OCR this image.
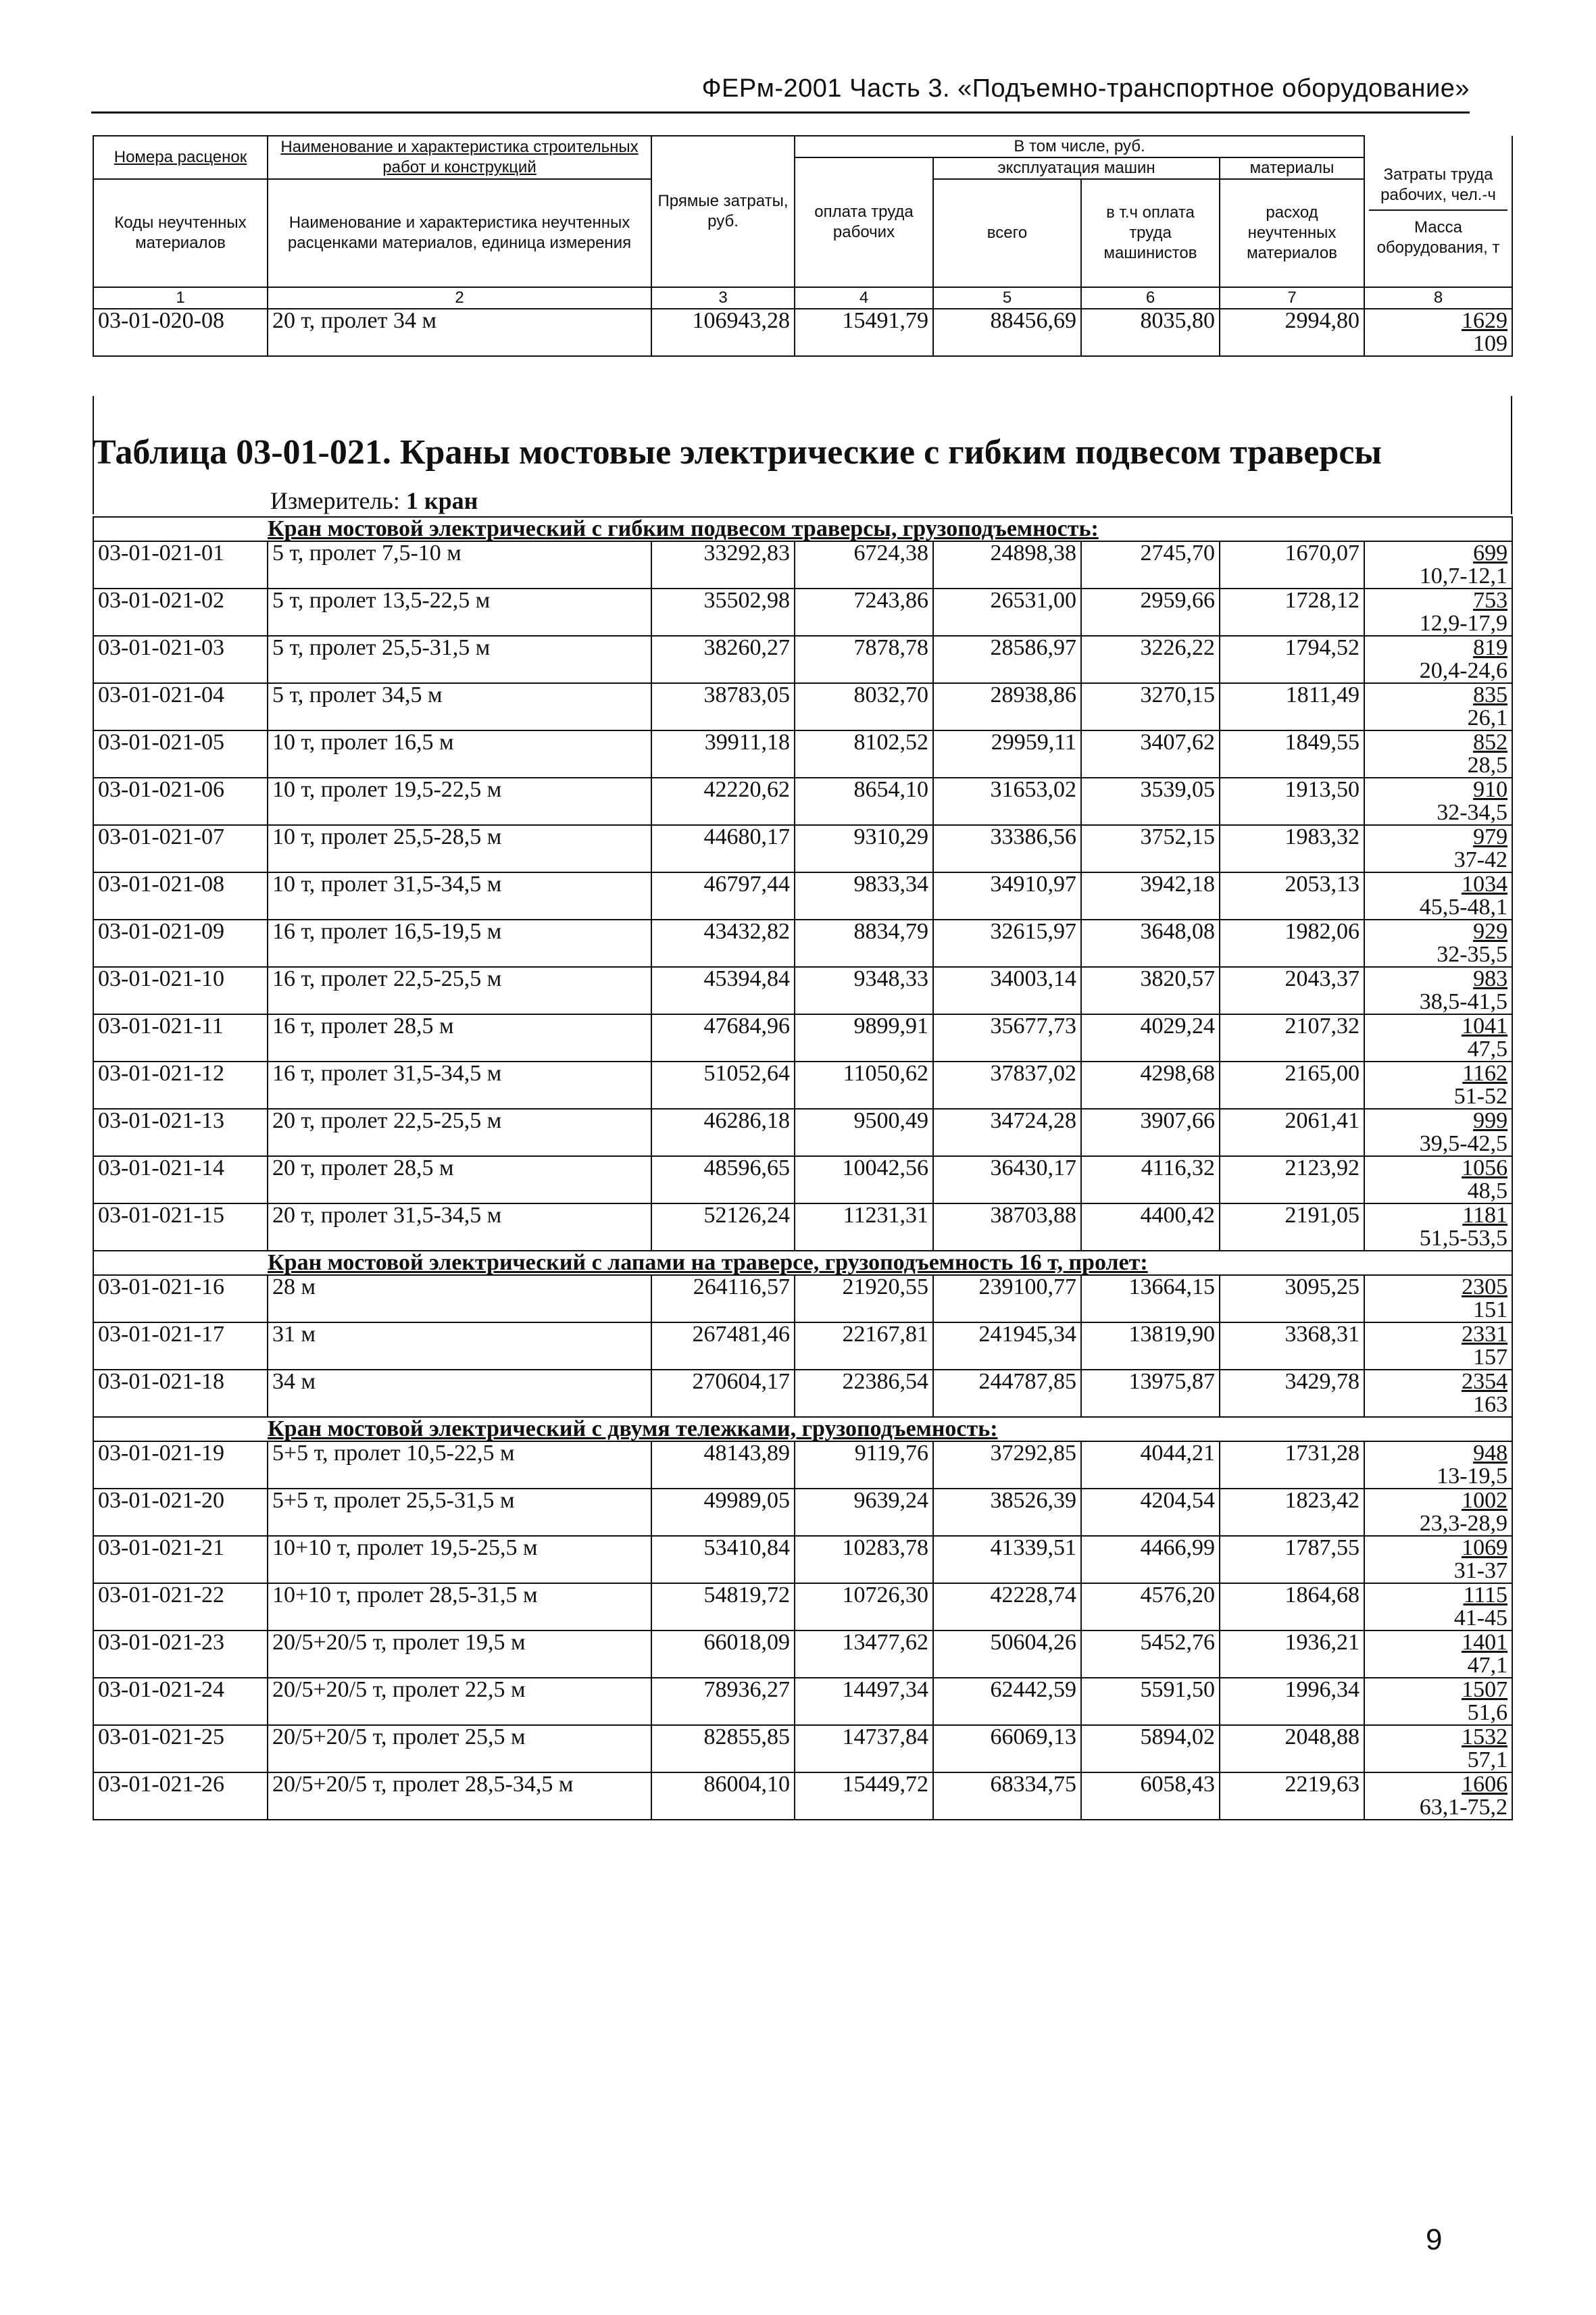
ФЕРм-2001 Часть 3. «Подъемно-транспортное оборудование»
Номера расценок	Наименование и характеристика строительных работ и конструкций	Прямые затраты, руб.	В том числе, руб.				Затраты труда рабочих, чел.-ч
Масса оборудования, т

			оплата труда рабочих	эксплуатация машин		материалы	
Коды неучтенных материалов	Наименование и характеристика неучтенных расценками материалов, единица измерения			всего	в т.ч оплата труда машинистов	расход неучтенных материалов	

1	2	3	4	5	6	7	8
03-01-020-08	20 т, пролет 34 м	106943,28	15491,79	88456,69	8035,80	2994,80	1629
109
Таблица 03-01-021. Краны мостовые электрические с гибким подвесом траверсы
Измеритель: 1 кран
	Кран мостовой электрический с гибким подвесом траверсы, грузоподъемность:						
03-01-021-01	5 т, пролет 7,5-10 м	33292,83	6724,38	24898,38	2745,70	1670,07	699
10,7-12,1

03-01-021-02	5 т, пролет 13,5-22,5 м	35502,98	7243,86	26531,00	2959,66	1728,12	753
12,9-17,9

03-01-021-03	5 т, пролет 25,5-31,5 м	38260,27	7878,78	28586,97	3226,22	1794,52	819
20,4-24,6

03-01-021-04	5 т, пролет 34,5 м	38783,05	8032,70	28938,86	3270,15	1811,49	835
26,1

03-01-021-05	10 т, пролет 16,5 м	39911,18	8102,52	29959,11	3407,62	1849,55	852
28,5

03-01-021-06	10 т, пролет 19,5-22,5 м	42220,62	8654,10	31653,02	3539,05	1913,50	910
32-34,5

03-01-021-07	10 т, пролет 25,5-28,5 м	44680,17	9310,29	33386,56	3752,15	1983,32	979
37-42

03-01-021-08	10 т, пролет 31,5-34,5 м	46797,44	9833,34	34910,97	3942,18	2053,13	1034
45,5-48,1

03-01-021-09	16 т, пролет 16,5-19,5 м	43432,82	8834,79	32615,97	3648,08	1982,06	929
32-35,5

03-01-021-10	16 т, пролет 22,5-25,5 м	45394,84	9348,33	34003,14	3820,57	2043,37	983
38,5-41,5

03-01-021-11	16 т, пролет 28,5 м	47684,96	9899,91	35677,73	4029,24	2107,32	1041
47,5

03-01-021-12	16 т, пролет 31,5-34,5 м	51052,64	11050,62	37837,02	4298,68	2165,00	1162
51-52

03-01-021-13	20 т, пролет 22,5-25,5 м	46286,18	9500,49	34724,28	3907,66	2061,41	999
39,5-42,5

03-01-021-14	20 т, пролет 28,5 м	48596,65	10042,56	36430,17	4116,32	2123,92	1056
48,5

03-01-021-15	20 т, пролет 31,5-34,5 м	52126,24	11231,31	38703,88	4400,42	2191,05	1181
51,5-53,5

	Кран мостовой электрический с лапами на траверсе, грузоподъемность 16 т, пролет:						
03-01-021-16	28 м	264116,57	21920,55	239100,77	13664,15	3095,25	2305
151

03-01-021-17	31 м	267481,46	22167,81	241945,34	13819,90	3368,31	2331
157

03-01-021-18	34 м	270604,17	22386,54	244787,85	13975,87	3429,78	2354
163

	Кран мостовой электрический с двумя тележками, грузоподъемность:						
03-01-021-19	5+5 т, пролет 10,5-22,5 м	48143,89	9119,76	37292,85	4044,21	1731,28	948
13-19,5

03-01-021-20	5+5 т, пролет 25,5-31,5 м	49989,05	9639,24	38526,39	4204,54	1823,42	1002
23,3-28,9

03-01-021-21	10+10 т, пролет 19,5-25,5 м	53410,84	10283,78	41339,51	4466,99	1787,55	1069
31-37

03-01-021-22	10+10 т, пролет 28,5-31,5 м	54819,72	10726,30	42228,74	4576,20	1864,68	1115
41-45

03-01-021-23	20/5+20/5 т, пролет 19,5 м	66018,09	13477,62	50604,26	5452,76	1936,21	1401
47,1

03-01-021-24	20/5+20/5 т, пролет 22,5 м	78936,27	14497,34	62442,59	5591,50	1996,34	1507
51,6

03-01-021-25	20/5+20/5 т, пролет 25,5 м	82855,85	14737,84	66069,13	5894,02	2048,88	1532
57,1

03-01-021-26	20/5+20/5 т, пролет 28,5-34,5 м	86004,10	15449,72	68334,75	6058,43	2219,63	1606
63,1-75,2
9
